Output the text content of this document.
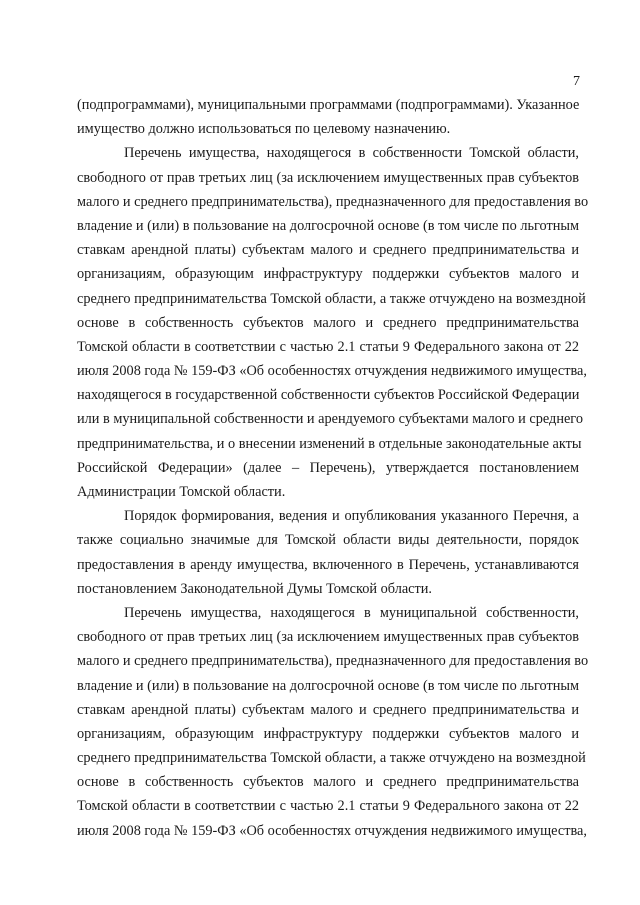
7
(подпрограммами), муниципальными программами (подпрограммами). Указанное
имущество должно использоваться по целевому назначению.
Перечень имущества, находящегося в собственности Томской области,
свободного от прав третьих лиц (за исключением имущественных прав субъектов
малого и среднего предпринимательства), предназначенного для предоставления во
владение и (или) в пользование на долгосрочной основе (в том числе по льготным
ставкам арендной платы) субъектам малого и среднего предпринимательства и
организациям, образующим инфраструктуру поддержки субъектов малого и
среднего предпринимательства Томской области, а также отчуждено на возмездной
основе в собственность субъектов малого и среднего предпринимательства
Томской области в соответствии с частью 2.1 статьи 9 Федерального закона от 22
июля 2008 года № 159-ФЗ «Об особенностях отчуждения недвижимого имущества,
находящегося в государственной собственности субъектов Российской Федерации
или в муниципальной собственности и арендуемого субъектами малого и среднего
предпринимательства, и о внесении изменений в отдельные законодательные акты
Российской Федерации» (далее – Перечень), утверждается постановлением
Администрации Томской области.
Порядок формирования, ведения и опубликования указанного Перечня, а
также социально значимые для Томской области виды деятельности, порядок
предоставления в аренду имущества, включенного в Перечень, устанавливаются
постановлением Законодательной Думы Томской области.
Перечень имущества, находящегося в муниципальной собственности,
свободного от прав третьих лиц (за исключением имущественных прав субъектов
малого и среднего предпринимательства), предназначенного для предоставления во
владение и (или) в пользование на долгосрочной основе (в том числе по льготным
ставкам арендной платы) субъектам малого и среднего предпринимательства и
организациям, образующим инфраструктуру поддержки субъектов малого и
среднего предпринимательства Томской области, а также отчуждено на возмездной
основе в собственность субъектов малого и среднего предпринимательства
Томской области в соответствии с частью 2.1 статьи 9 Федерального закона от 22
июля 2008 года № 159-ФЗ «Об особенностях отчуждения недвижимого имущества,
